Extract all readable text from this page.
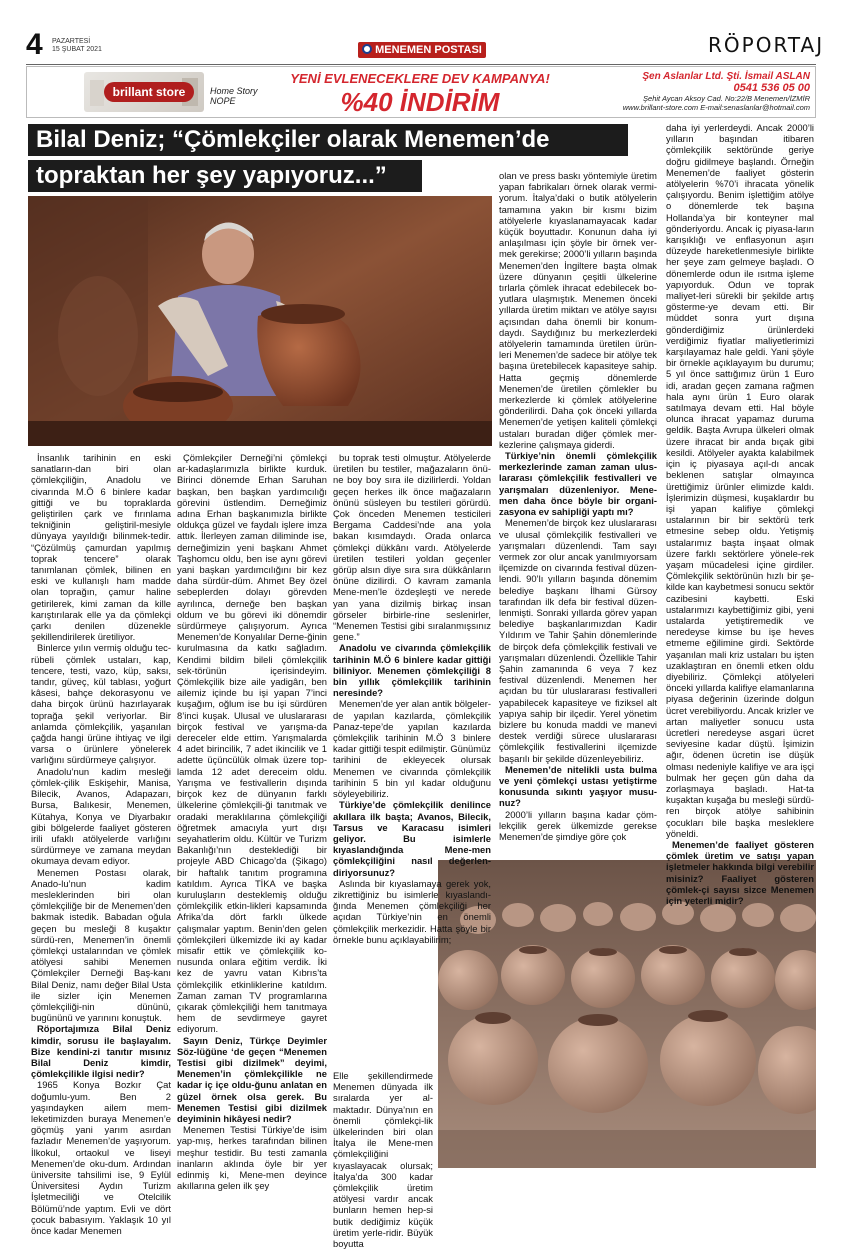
4 PAZARTESİ
15 ŞUBAT 2021	MENEMEN POSTASI	RÖPORTAJ
brillant store	Home Story
NOPE
YENİ EVLENECEKLERE DEV KAMPANYA!
%40 İNDİRİM
Şen Aslanlar Ltd. Şti. İsmail ASLAN
0541 536 05 00
Şehit Aycan Aksoy Cad. No:22/B Menemen/İZMİR
www.brillant-store.com E-mail:senaslanlar@hotmail.com
Bilal Deniz; “Çömlekçiler olarak Menemen’de
topraktan her şey yapıyoruz...”

İnsanlık tarihinin en eski sanatların-dan biri olan çömlekçiliğin, Anadolu ve civarında M.Ö 6 binlere kadar gittiği ve bu topraklarda geliştirilen çark ve fırınlama tekniğinin geliştiril-mesiyle dünyaya yayıldığı bilinmek-tedir. “Çözülmüş çamurdan yapılmış toprak tencere” olarak tanımlanan çömlek, bilinen en eski ve kullanışlı ham madde olan toprağın, çamur haline getirilerek, kimi zaman da kille karıştırılarak elle ya da çömlekçi çarkı denilen düzenekle şekillendirilerek üretiliyor.

Binlerce yılın vermiş olduğu tec-rübeli çömlek ustaları, kap, tencere, testi, vazo, küp, saksı, tandır, güveç, kül tablası, yoğurt kâsesi, bahçe dekorasyonu ve daha birçok ürünü hazırlayarak toprağa şekil veriyorlar. Bir anlamda çömlekçilik, yaşanılan çağda hangi ürüne ihtiyaç ve ilgi varsa o ürünlere yönelerek varlığını sürdürmeye çalışıyor.

Anadolu’nun kadim mesleği çömlek-çilik Eskişehir, Manisa, Bilecik, Avanos, Adapazarı, Bursa, Balıkesir, Menemen, Kütahya, Konya ve Diyarbakır gibi bölgelerde faaliyet gösteren irili ufaklı atölyelerde varlığını sürdürmeye ve zamana meydan okumaya devam ediyor.

Menemen Postası olarak, Anado-lu’nun kadim mesleklerinden biri olan çömlekçiliğe bir de Menemen’den bakmak istedik. Babadan oğula geçen bu mesleği 8 kuşaktır sürdü-ren, Menemen’in önemli çömlekçi ustalarından ve çömlek atölyesi sahibi Menemen Çömlekçiler Derneği Baş-kanı Bilal Deniz, namı değer Bilal Usta ile sizler için Menemen çömlekçiliği-nin dününü, bugününü ve yarınını konuştuk.

Röportajımıza Bilal Deniz kimdir, sorusu ile başlayalım. Bize kendini-zi tanıtır mısınız Bilal Deniz kimdir, çömlekçilikle ilgisi nedir?

1965 Konya Bozkır Çat doğumlu-yum. Ben 2 yaşındayken ailem mem-leketimizden buraya Menemen’e göçmüş yani yarım asırdan fazladır Menemen’de yaşıyorum. İlkokul, ortaokul ve liseyi Menemen’de oku-dum. Ardından üniversite tahsilimi ise, 9 Eylül Üniversitesi Aydın Turizm İşletmeciliği ve Otelcilik Bölümü’nde yaptım. Evli ve dört çocuk babasıyım. Yaklaşık 10 yıl önce kadar Menemen

Çömlekçiler Derneği’ni çömlekçi ar-kadaşlarımızla birlikte kurduk. Birinci dönemde Erhan Saruhan başkan, ben başkan yardımcılığı görevini üstlendim. Derneğimiz adına Erhan başkanımızla birlikte oldukça güzel ve faydalı işlere imza attık. İlerleyen zaman diliminde ise, derneğimizin yeni başkanı Ahmet Taşhomcu oldu, ben ise aynı görevi yani başkan yardımcılığını bir kez daha sürdür-düm. Ahmet Bey özel sebeplerden dolayı görevden ayrılınca, derneğe ben başkan oldum ve bu görevi iki dönemdir sürdürmeye çalışıyorum. Ayrıca Menemen’de Konyalılar Derne-ğinin kurulmasına da katkı sağladım. Kendimi bildim bileli çömlekçilik sek-törünün içerisindeyim. Çömlekçilik bize aile yadigârı, ben ailemiz içinde bu işi yapan 7’inci kuşağım, oğlum ise bu işi sürdüren 8’inci kuşak. Ulusal ve uluslararası birçok festival ve yarışma-da dereceler elde ettim. Yarışmalarda 4 adet birincilik, 7 adet ikincilik ve 1 adette üçüncülük olmak üzere top-lamda 12 adet dereceim oldu. Yarışma ve festivallerin dışında birçok kez de dünyanın farklı ülkelerine çömlekçili-ği tanıtmak ve oradaki meraklılarına çömlekçiliği öğretmek amacıyla yurt dışı seyahatlerim oldu. Kültür ve Turizm Bakanlığı’nın desteklediği bir projeyle ABD Chicago’da (Şikago) bir haftalık tanıtım programına katıldım. Ayrıca TİKA ve başka kuruluşların desteklemiş olduğu çömlekçilik etkin-likleri kapsamında Afrika’da dört farklı ülkede çalışmalar yaptım. Benin’den gelen çömlekçileri ülkemizde iki ay kadar misafir ettik ve çömlekçilik ko-nusunda onlara eğitim verdik. İki kez de yavru vatan Kıbrıs’ta çömlekçilik etkinliklerine katıldım. Zaman zaman TV programlarına çıkarak çömlekçiliği hem tanıtmaya hem de sevdirmeye gayret ediyorum.

Sayın Deniz, Türkçe Deyimler Söz-lüğüne ‘de geçen “Menemen Testisi gibi dizilmek” deyimi, Menemen’in çömlekçilikle ne kadar iç içe oldu-ğunu anlatan en güzel örnek olsa gerek. Bu Menemen Testisi gibi dizilmek deyiminin hikâyesi nedir?

Menemen Testisi Türkiye’de isim yap-mış, herkes tarafından bilinen meşhur testidir. Bu testi zamanla inanların aklında öyle bir yer edinmiş ki, Mene-men deyince akıllarına gelen ilk şey

bu toprak testi olmuştur. Atölyelerde üretilen bu testiler, mağazaların önü-ne boy boy sıra ile dizilirlerdi. Yoldan geçen herkes ilk önce mağazaların önünü süsleyen bu testileri görürdü. Çok önceden Menemen testicileri Bergama Caddesi’nde ana yola bakan kısımdaydı. Orada onlarca çömlekçi dükkânı vardı. Atölyelerde üretilen testileri yoldan geçenler görüp alsın diye sıra sıra dükkânların önüne dizilirdi. O kavram zamanla Mene-men’le özdeşleşti ve nerede yan yana dizilmiş birkaç insan görseler birbirle-rine seslenirler, “Menemen Testisi gibi sıralanmışsınız gene.”

Anadolu ve civarında çömlekçilik tarihinin M.Ö 6 binlere kadar gittiği biliniyor. Menemen çömlekçiliği 8 bin yıllık çömlekçilik tarihinin neresinde?

Menemen’de yer alan antik bölgeler-de yapılan kazılarda, çömlekçilik Panaz-tepe’de yapılan kazılarda çömlekçilik tarihinin M.Ö 3 binlere kadar gittiği tespit edilmiştir. Günümüz tarihini de ekleyecek olursak Menemen ve civarında çömlekçilik tarihinin 5 bin yıl kadar olduğunu söyleyebiliriz.

Türkiye’de çömlekçilik denilince akıllara ilk başta; Avanos, Bilecik, Tarsus ve Karacasu isimleri geliyor. Bu isimlerle kıyaslandığında Mene-men çömlekçiliğini nasıl değerlen-diriyorsunuz?

Aslında bir kıyaslamaya gerek yok, zikrettiğiniz bu isimlerle kıyaslandı-ğında Menemen çömlekçiliği her açıdan Türkiye’nin en önemli çömlekçilik merkezidir. Hatta şöyle bir örnekle bunu açıklayabilirim;

Elle şekillendirmede Menemen dünyada ilk sıralarda yer al-maktadır. Dünya’nın en önemli çömlekçi-lik ülkelerinden biri olan İtalya ile Mene-men çömlekçiliğini kıyaslayacak olursak; İtalya’da 300 kadar çömlekçilik üretim atölyesi vardır ancak bunların hemen hep-si butik dediğimiz küçük üretim yerle-ridir. Büyük boyutta

olan ve press baskı yöntemiyle üretim yapan fabrikaları örnek olarak vermi-yorum. İtalya’daki o butik atölyelerin tamamına yakın bir kısmı bizim atölyelerle kıyaslanamayacak kadar küçük boyuttadır. Konunun daha iyi anlaşılması için şöyle bir örnek ver-mek gerekirse; 2000’li yılların başında Menemen’den İngiltere başta olmak üzere dünyanın çeşitli ülkelerine tırlarla çömlek ihracat edebilecek bo-yutlara ulaşmıştık. Menemen önceki yıllarda üretim miktarı ve atölye sayısı açısından daha önemli bir konum-daydı. Saydığınız bu merkezlerdeki atölyelerin tamamında üretilen ürün-leri Menemen’de sadece bir atölye tek başına üretebilecek kapasiteye sahip. Hatta geçmiş dönemlerde Menemen’de üretilen çömlekler bu merkezlerde ki çömlek atölyelerine gönderilirdi. Daha çok önceki yıllarda Menemen’de yetişen kaliteli çömlekçi ustaları buradan diğer çömlek mer-kezlerine çalışmaya giderdi.

Türkiye’nin önemli çömlekçilik merkezlerinde zaman zaman ulus-lararası çömlekçilik festivalleri ve yarışmaları düzenleniyor. Mene-men daha önce böyle bir organi-zasyona ev sahipliği yaptı mı?

Menemen’de birçok kez uluslararası ve ulusal çömlekçilik festivalleri ve yarışmaları düzenlendi. Tam sayı vermek zor olur ancak yanılmıyorsam ilçemizde on civarında festival düzen-lendi. 90’lı yılların başında dönemim belediye başkanı İlhami Gürsoy tarafından ilk defa bir festival düzen-lenmişti. Sonraki yıllarda görev yapan belediye başkanlarımızdan Kadir Yıldırım ve Tahir Şahin dönemlerinde de birçok defa çömlekçilik festivali ve yarışmaları düzenlendi. Özellikle Tahir Şahin zamanında 6 veya 7 kez festival düzenlendi. Menemen her açıdan bu tür uluslararası festivalleri yapabilecek kapasiteye ve fiziksel alt yapıya sahip bir ilçedir. Yerel yönetim bizlere bu konuda maddi ve manevi destek verdiği sürece uluslararası çömlekçilik festivallerini ilçemizde başarılı bir şekilde düzenleyebiliriz.

Menemen’de nitelikli usta bulma ve yeni çömlekçi ustası yetiştirme konusunda sıkıntı yaşıyor musu-nuz?

2000’li yılların başına kadar çöm-lekçilik gerek ülkemizde gerekse Menemen’de şimdiye göre çok

daha iyi yerlerdeydi. Ancak 2000’li yılların başından itibaren çömlekçilik sektöründe geriye doğru gidilmeye başlandı. Örneğin Menemen’de faaliyet gösterin atölyelerin %70’i ihracata yönelik çalışıyordu. Benim işlettiğim atölye o dönemlerde tek başına Hollanda’ya bir konteyner mal gönderiyordu. Ancak iç piyasa-ların karışıklığı ve enflasyonun aşırı düzeyde hareketlenmesiyle birlikte her şeye zam gelmeye başladı. O dönemlerde odun ile ısıtma işleme yapıyorduk. Odun ve toprak maliyet-leri sürekli bir şekilde artış gösterme-ye devam etti. Bir müddet sonra yurt dışına gönderdiğimiz ürünlerdeki verdiğimiz fiyatlar maliyetlerimizi karşılayamaz hale geldi. Yani şöyle bir örnekle açıklayayım bu durumu; 5 yıl önce sattığımız ürün 1 Euro idi, aradan geçen zamana rağmen hala aynı ürün 1 Euro olarak satılmaya devam etti. Hal böyle olunca ihracat yapamaz duruma geldik. Başta Avrupa ülkeleri olmak üzere ihracat bir anda bıçak gibi kesildi. Atölyeler ayakta kalabilmek için iç piyasaya açıl-dı ancak beklenen satışlar olmayınca ürettiğimiz ürünler elimizde kaldı. İşlerimizin düşmesi, kuşaklardır bu işi yapan kalifiye çömlekçi ustalarının bir bir sektörü terk etmesine sebep oldu. Yetişmiş ustalarımız başta inşaat olmak üzere farklı sektörlere yönele-rek yaşam mücadelesi içine girdiler. Çömlekçilik sektörünün hızlı bir şe-kilde kan kaybetmesi sonucu sektör cazibesini kaybetti. Eski ustalarımızı kaybettiğimiz gibi, yeni ustalarda yetiştiremedik ve neredeyse kimse bu işe heves etmeme eğilimine girdi. Sektörde yaşanılan mali kriz ustaları bu işten uzaklaştıran en önemli etken oldu diyebiliriz. Çömlekçi atölyeleri önceki yıllarda kalifiye elamanlarına piyasa değerinin üzerinde dolgun ücret verebiliyordu. Ancak krizler ve artan maliyetler sonucu usta ücretleri neredeyse asgari ücret seviyesine kadar düştü. İşimizin ağır, ödenen ücretin ise düşük olması nedeniyle kalifiye ve ara işçi bulmak her geçen gün daha da zorlaşmaya başladı. Hat-ta kuşaktan kuşağa bu mesleği sürdü-ren birçok atölye sahibinin çocukları bile başka mesleklere yöneldi.

Menemen’de faaliyet gösteren çömlek üretim ve satışı yapan işletmeler hakkında bilgi verebilir misiniz? Faaliyet gösteren çömlek-çi sayısı sizce Menemen için yeterli midir?
